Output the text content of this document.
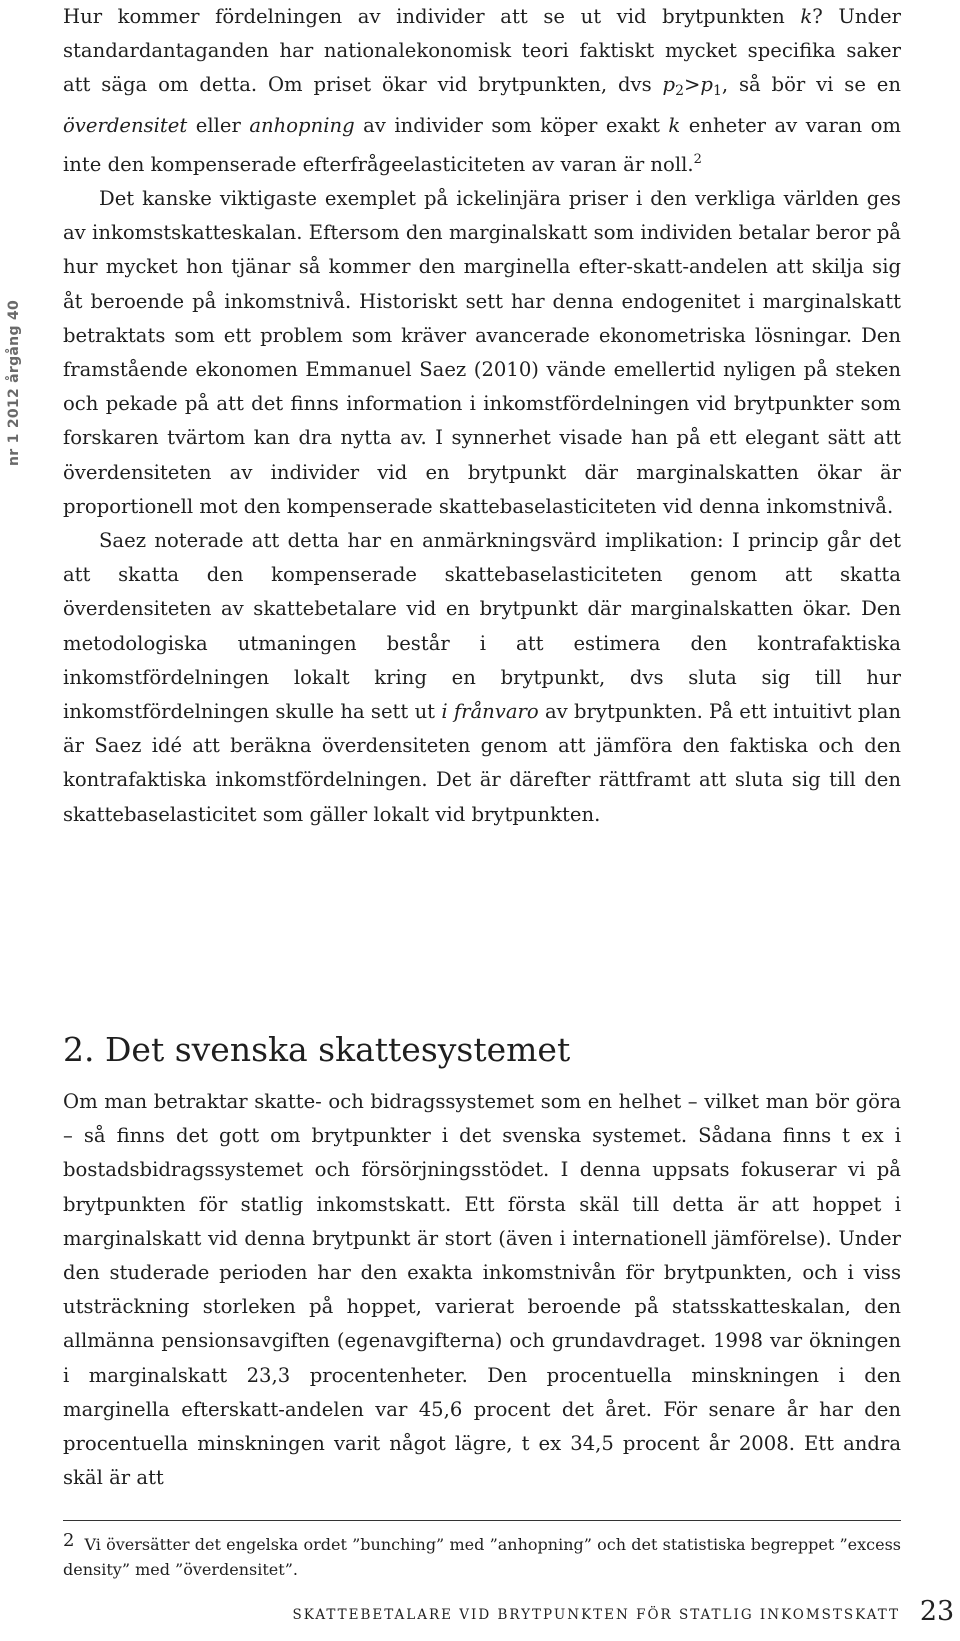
nr 1 2012 årgång 40

Hur kommer fördelningen av individer att se ut vid brytpunkten k? Under standardantaganden har nationalekonomisk teori faktiskt mycket specifika saker att säga om detta. Om priset ökar vid brytpunkten, dvs $p_2>p_1$, så bör vi se en överdensitet eller anhopning av individer som köper exakt k enheter av varan om inte den kompenserade efterfrågeelasticiteten av varan är noll.$^2$

Det kanske viktigaste exemplet på ickelinjära priser i den verkliga världen ges av inkomstskatteskalan. Eftersom den marginalskatt som individen betalar beror på hur mycket hon tjänar så kommer den marginella efter-skatt-andelen att skilja sig åt beroende på inkomstnivå. Historiskt sett har denna endogenitet i marginalskatt betraktats som ett problem som kräver avancerade ekonometriska lösningar. Den framstående ekonomen Emmanuel Saez (2010) vände emellertid nyligen på steken och pekade på att det finns information i inkomstfördelningen vid brytpunkter som forskaren tvärtom kan dra nytta av. I synnerhet visade han på ett elegant sätt att överdensiteten av individer vid en brytpunkt där marginalskatten ökar är proportionell mot den kompenserade skattebaselasticiteten vid denna inkomstnivå.

Saez noterade att detta har en anmärkningsvärd implikation: I princip går det att skatta den kompenserade skattebaselasticiteten genom att skatta överdensiteten av skattebetalare vid en brytpunkt där marginalskatten ökar. Den metodologiska utmaningen består i att estimera den kontrafaktiska inkomstfördelningen lokalt kring en brytpunkt, dvs sluta sig till hur inkomstfördelningen skulle ha sett ut i frånvaro av brytpunkten. På ett intuitivt plan är Saez idé att beräkna överdensiteten genom att jämföra den faktiska och den kontrafaktiska inkomstfördelningen. Det är därefter rättframt att sluta sig till den skattebaselasticitet som gäller lokalt vid brytpunkten.

2. Det svenska skattesystemet

Om man betraktar skatte- och bidragssystemet som en helhet – vilket man bör göra – så finns det gott om brytpunkter i det svenska systemet. Sådana finns t ex i bostadsbidragssystemet och försörjningsstödet. I denna uppsats fokuserar vi på brytpunkten för statlig inkomstskatt. Ett första skäl till detta är att hoppet i marginalskatt vid denna brytpunkt är stort (även i internationell jämförelse). Under den studerade perioden har den exakta inkomstnivån för brytpunkten, och i viss utsträckning storleken på hoppet, varierat beroende på statsskatteskalan, den allmänna pensionsavgiften (egenavgifterna) och grundavdraget. 1998 var ökningen i marginalskatt 23,3 procentenheter. Den procentuella minskningen i den marginella efterskatt-andelen var 45,6 procent det året. För senare år har den procentuella minskningen varit något lägre, t ex 34,5 procent år 2008. Ett andra skäl är att

2 Vi översätter det engelska ordet ”bunching” med ”anhopning” och det statistiska begreppet ”excess density” med ”överdensitet”.

SKATTEBETALARE VID BRYTPUNKTEN FÖR STATLIG INKOMSTSKATT 23
